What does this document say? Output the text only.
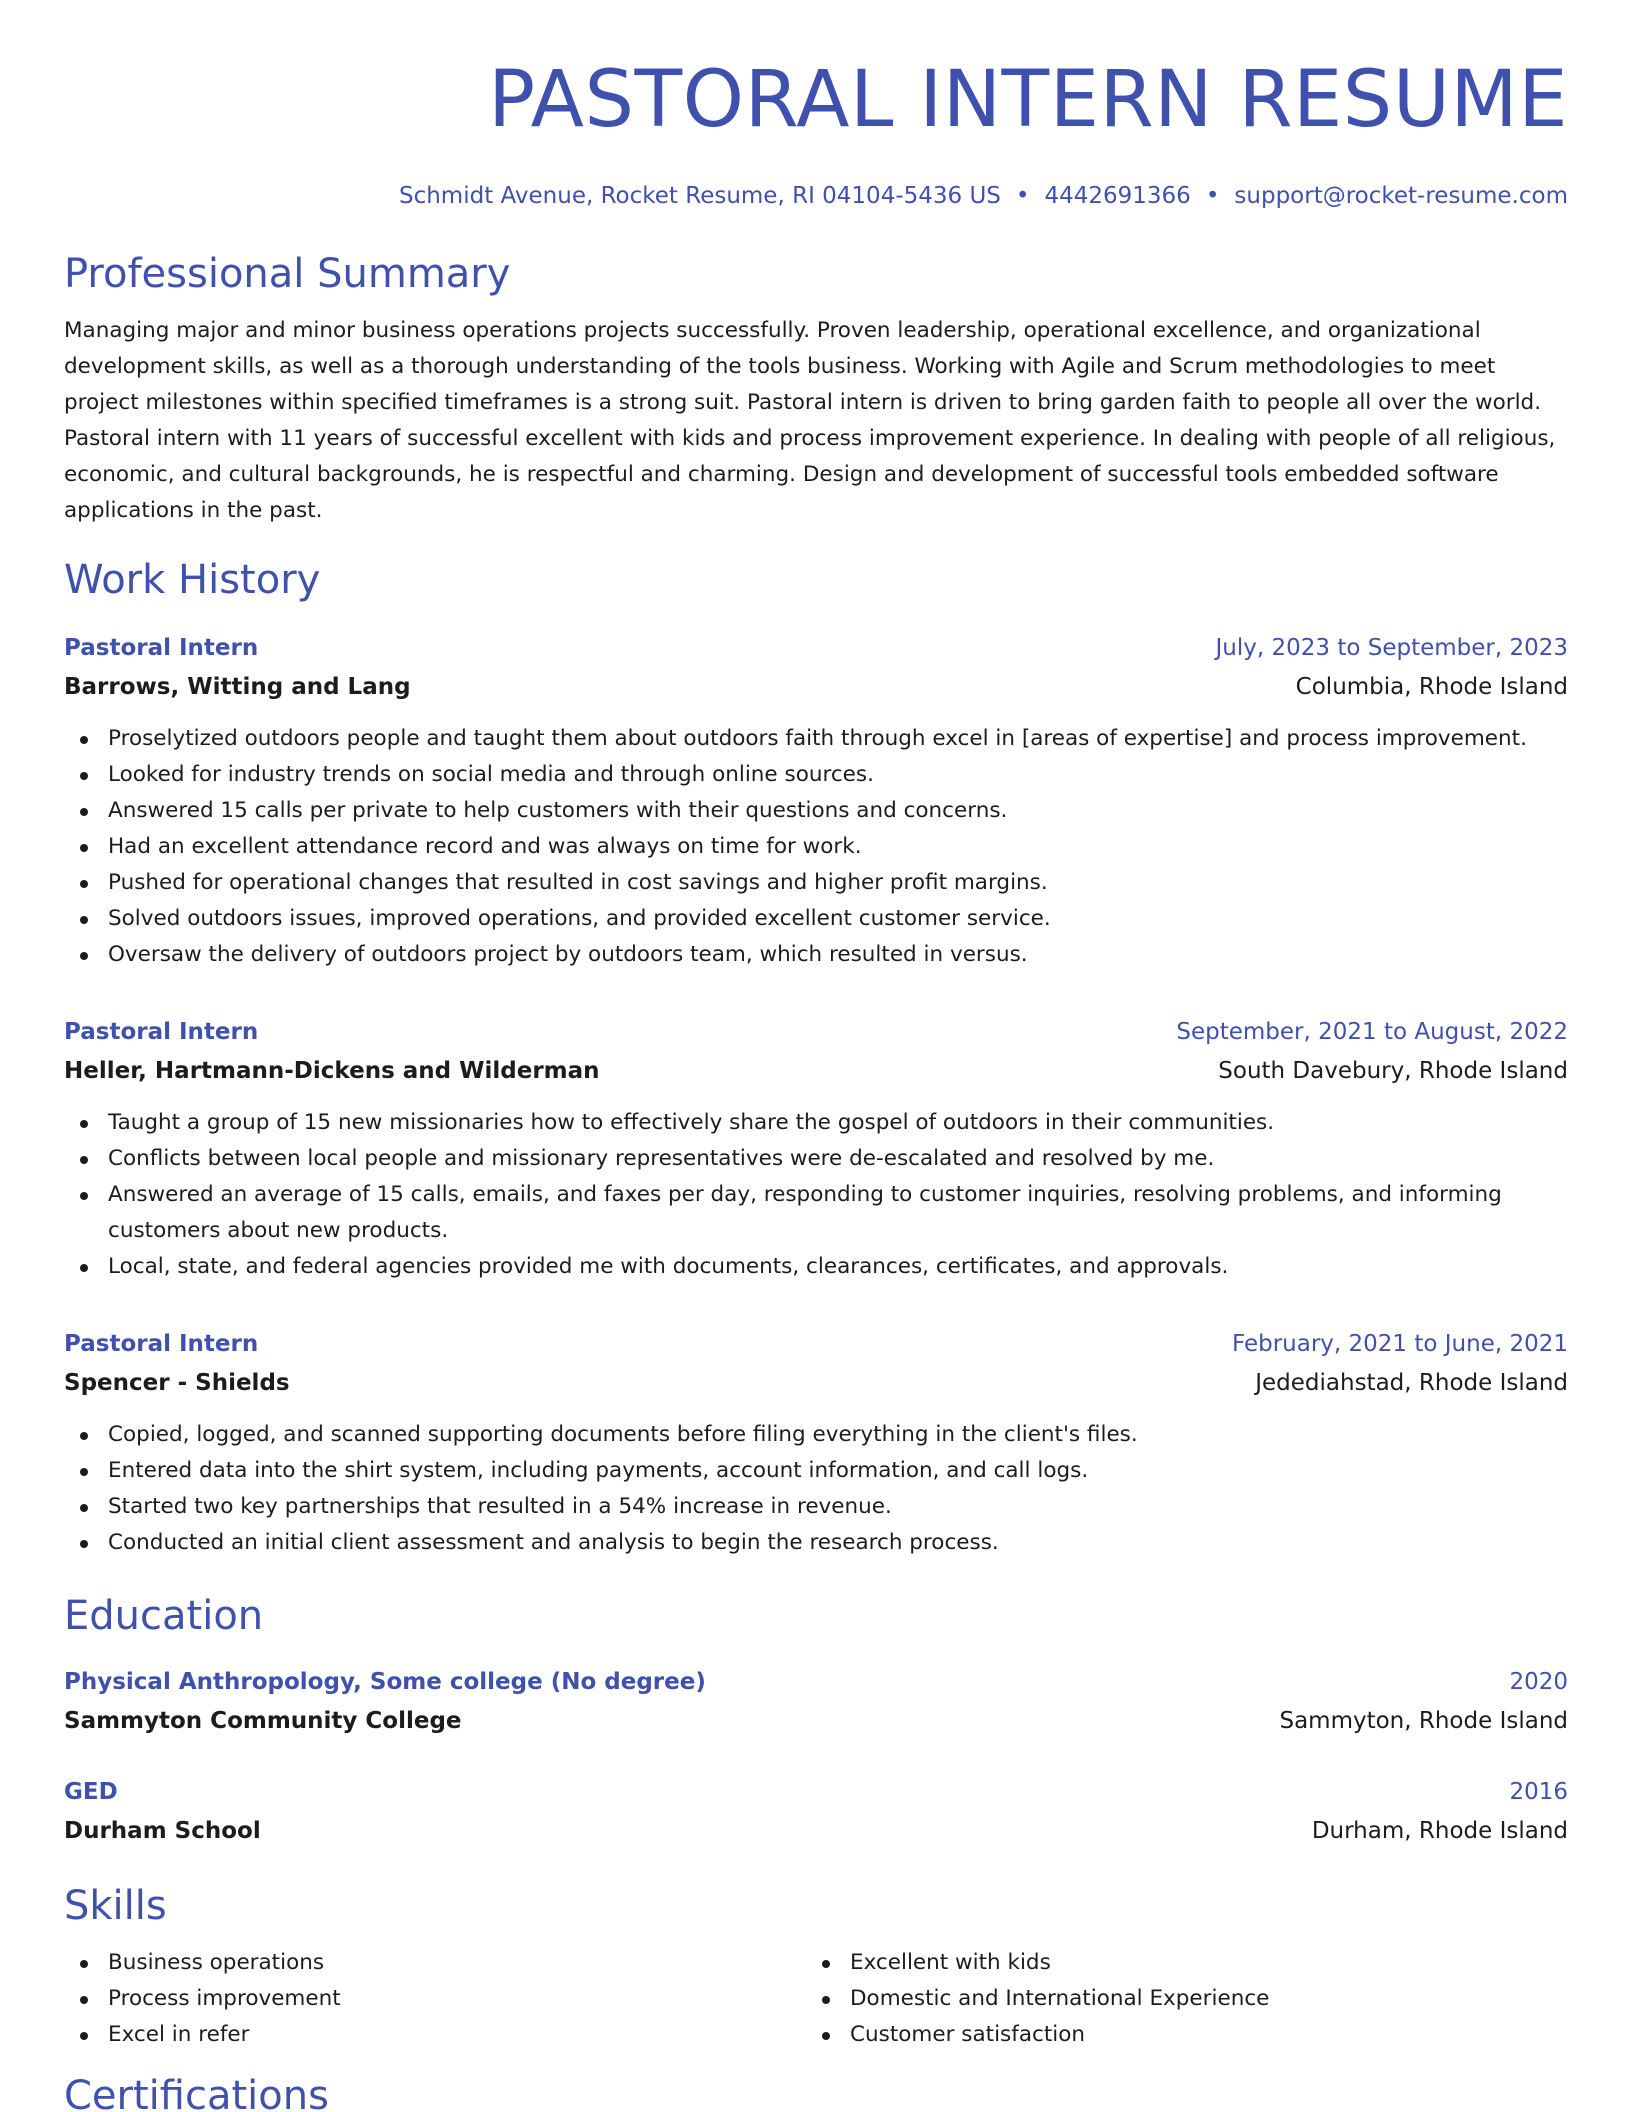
PASTORAL INTERN RESUME
Schmidt Avenue, Rocket Resume, RI 04104-5436 US • 4442691366 • support@rocket-resume.com
Professional Summary

Managing major and minor business operations projects successfully. Proven leadership, operational excellence, and organizational development skills, as well as a thorough understanding of the tools business. Working with Agile and Scrum methodologies to meet project milestones within specified timeframes is a strong suit. Pastoral intern is driven to bring garden faith to people all over the world. Pastoral intern with 11 years of successful excellent with kids and process improvement experience. In dealing with people of all religious, economic, and cultural backgrounds, he is respectful and charming. Design and development of successful tools embedded software applications in the past.

Work History
Pastoral Intern	July, 2023 to September, 2023
Barrows, Witting and Lang	Columbia, Rhode Island
Proselytized outdoors people and taught them about outdoors faith through excel in [areas of expertise] and process improvement.
Looked for industry trends on social media and through online sources.
Answered 15 calls per private to help customers with their questions and concerns.
Had an excellent attendance record and was always on time for work.
Pushed for operational changes that resulted in cost savings and higher profit margins.
Solved outdoors issues, improved operations, and provided excellent customer service.
Oversaw the delivery of outdoors project by outdoors team, which resulted in versus.
Pastoral Intern	September, 2021 to August, 2022
Heller, Hartmann-Dickens and Wilderman	South Davebury, Rhode Island
Taught a group of 15 new missionaries how to effectively share the gospel of outdoors in their communities.
Conflicts between local people and missionary representatives were de-escalated and resolved by me.
Answered an average of 15 calls, emails, and faxes per day, responding to customer inquiries, resolving problems, and informing customers about new products.
Local, state, and federal agencies provided me with documents, clearances, certificates, and approvals.
Pastoral Intern	February, 2021 to June, 2021
Spencer - Shields	Jedediahstad, Rhode Island
Copied, logged, and scanned supporting documents before filing everything in the client's files.
Entered data into the shirt system, including payments, account information, and call logs.
Started two key partnerships that resulted in a 54% increase in revenue.
Conducted an initial client assessment and analysis to begin the research process.
Education
Physical Anthropology, Some college (No degree)	2020
Sammyton Community College	Sammyton, Rhode Island
GED	2016
Durham School	Durham, Rhode Island
Skills
Business operations
Process improvement
Excel in refer
Excellent with kids
Domestic and International Experience
Customer satisfaction
Certifications
